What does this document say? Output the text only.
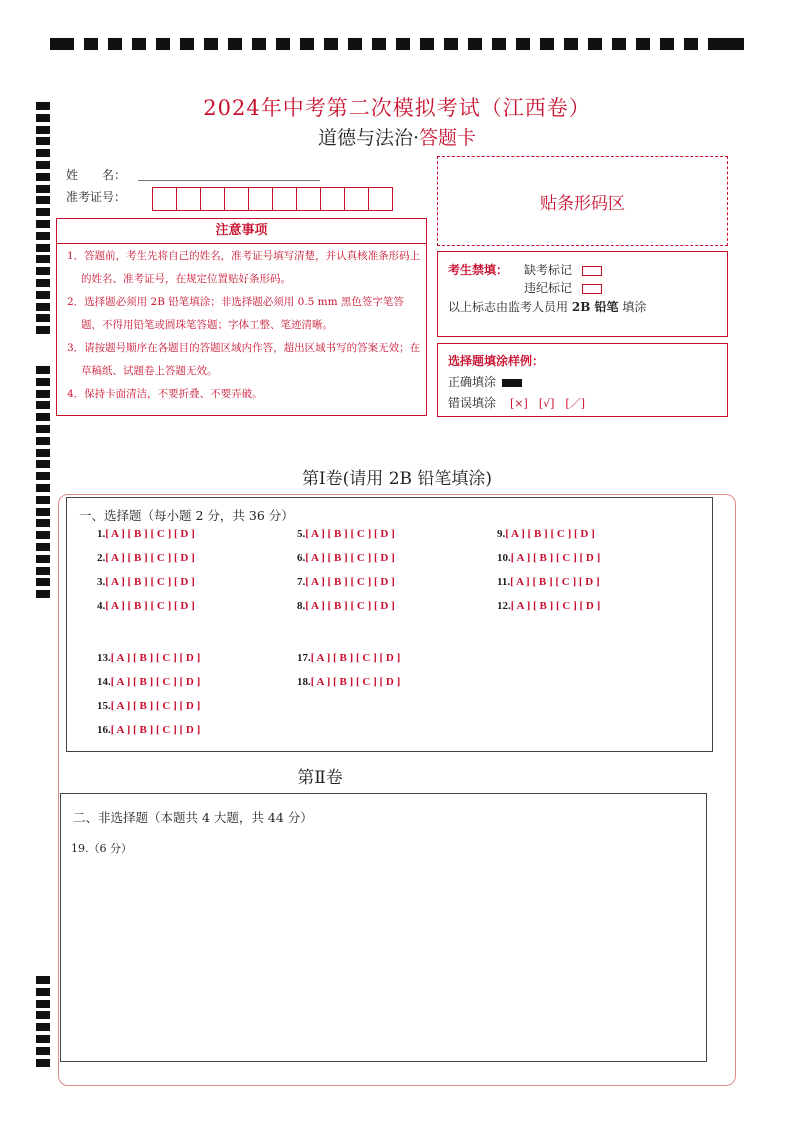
2024年中考第二次模拟考试（江西卷）
道德与法治·答题卡
姓　　名：
准考证号：	贴条形码区
注意事项
1．答题前，考生先将自己的姓名，准考证号填写清楚，并认真核准条形码上的姓名、准考证号，在规定位置贴好条形码。
2．选择题必须用 2B 铅笔填涂；非选择题必须用 0.5 mm 黑色签字笔答题，不得用铅笔或圆珠笔答题；字体工整、笔迹清晰。
3．请按题号顺序在各题目的答题区域内作答，超出区域书写的答案无效；在草稿纸、试题卷上答题无效。
4．保持卡面清洁，不要折叠、不要弄破。
考生禁填： 缺考标记
违纪标记
以上标志由监考人员用 2B 铅笔 填涂
选择题填涂样例：
正确填涂
错误填涂 [×]　[√]　[／]
第Ⅰ卷(请用 2B 铅笔填涂)
一、选择题（每小题 2 分，共 36 分）
1.[ A ] [ B ] [ C ] [ D ]
2.[ A ] [ B ] [ C ] [ D ]
3.[ A ] [ B ] [ C ] [ D ]
4.[ A ] [ B ] [ C ] [ D ]
5.[ A ] [ B ] [ C ] [ D ]
6.[ A ] [ B ] [ C ] [ D ]
7.[ A ] [ B ] [ C ] [ D ]
8.[ A ] [ B ] [ C ] [ D ]
9.[ A ] [ B ] [ C ] [ D ]
10.[ A ] [ B ] [ C ] [ D ]
11.[ A ] [ B ] [ C ] [ D ]
12.[ A ] [ B ] [ C ] [ D ]
13.[ A ] [ B ] [ C ] [ D ]
14.[ A ] [ B ] [ C ] [ D ]
15.[ A ] [ B ] [ C ] [ D ]
16.[ A ] [ B ] [ C ] [ D ]
17.[ A ] [ B ] [ C ] [ D ]
18.[ A ] [ B ] [ C ] [ D ]
第Ⅱ卷
二、非选择题（本题共 4 大题，共 44 分）
19.（6 分）
